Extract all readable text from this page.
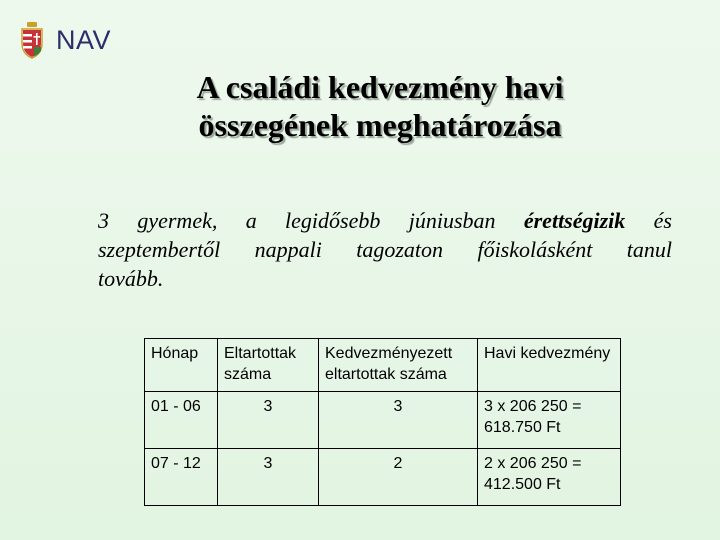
NAV
A családi kedvezmény havi
összegének meghatározása
3 gyermek, a legidősebb júniusban érettségizik és
szeptembertől nappali tagozaton főiskolásként tanul
tovább.
Hónap	Eltartottak száma	Kedvezményezett eltartottak száma	Havi kedvezmény
01 - 06	3	3	3 x 206 250 = 618.750 Ft
07 - 12	3	2	2 x 206 250 = 412.500 Ft
